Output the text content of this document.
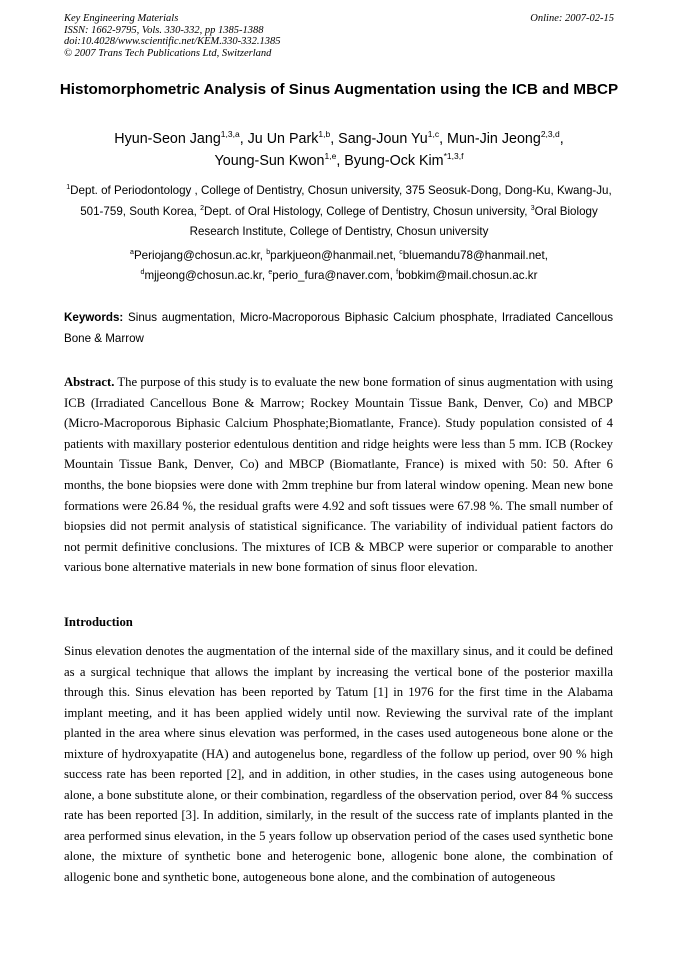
Key Engineering Materials
ISSN: 1662-9795, Vols. 330-332, pp 1385-1388
doi:10.4028/www.scientific.net/KEM.330-332.1385
© 2007 Trans Tech Publications Ltd, Switzerland
Online: 2007-02-15
Histomorphometric Analysis of Sinus Augmentation using the ICB and MBCP
Hyun-Seon Jang$^{1,3,a}$, Ju Un Park$^{1,b}$, Sang-Joun Yu$^{1,c}$, Mun-Jin Jeong$^{2,3,d}$,
Young-Sun Kwon$^{1,e}$, Byung-Ock Kim$^{*1,3,f}$
$^1$Dept. of Periodontology , College of Dentistry, Chosun university, 375 Seosuk-Dong, Dong-Ku, Kwang-Ju, 501-759, South Korea, $^2$Dept. of Oral Histology, College of Dentistry, Chosun university, $^3$Oral Biology Research Institute, College of Dentistry, Chosun university
$^a$Periojang@chosun.ac.kr, $^b$parkjueon@hanmail.net, $^c$bluemandu78@hanmail.net,
$^d$mjjeong@chosun.ac.kr, $^e$perio_fura@naver.com, $^f$bobkim@mail.chosun.ac.kr
Keywords: Sinus augmentation, Micro-Macroporous Biphasic Calcium phosphate, Irradiated Cancellous Bone & Marrow
Abstract. The purpose of this study is to evaluate the new bone formation of sinus augmentation with using ICB (Irradiated Cancellous Bone & Marrow; Rockey Mountain Tissue Bank, Denver, Co) and MBCP (Micro-Macroporous Biphasic Calcium Phosphate;Biomatlante, France). Study population consisted of 4 patients with maxillary posterior edentulous dentition and ridge heights were less than 5 mm. ICB (Rockey Mountain Tissue Bank, Denver, Co) and MBCP (Biomatlante, France) is mixed with 50: 50. After 6 months, the bone biopsies were done with 2mm trephine bur from lateral window opening. Mean new bone formations were 26.84 %, the residual grafts were 4.92 and soft tissues were 67.98 %. The small number of biopsies did not permit analysis of statistical significance. The variability of individual patient factors do not permit definitive conclusions. The mixtures of ICB & MBCP were superior or comparable to another various bone alternative materials in new bone formation of sinus floor elevation.
Introduction
Sinus elevation denotes the augmentation of the internal side of the maxillary sinus, and it could be defined as a surgical technique that allows the implant by increasing the vertical bone of the posterior maxilla through this. Sinus elevation has been reported by Tatum [1] in 1976 for the first time in the Alabama implant meeting, and it has been applied widely until now. Reviewing the survival rate of the implant planted in the area where sinus elevation was performed, in the cases used autogeneous bone alone or the mixture of hydroxyapatite (HA) and autogenelus bone, regardless of the follow up period, over 90 % high success rate has been reported [2], and in addition, in other studies, in the cases using autogeneous bone alone, a bone substitute alone, or their combination, regardless of the observation period, over 84 % success rate has been reported [3]. In addition, similarly, in the result of the success rate of implants planted in the area performed sinus elevation, in the 5 years follow up observation period of the cases used synthetic bone alone, the mixture of synthetic bone and heterogenic bone, allogenic bone alone, the combination of allogenic bone and synthetic bone, autogeneous bone alone, and the combination of autogeneous
